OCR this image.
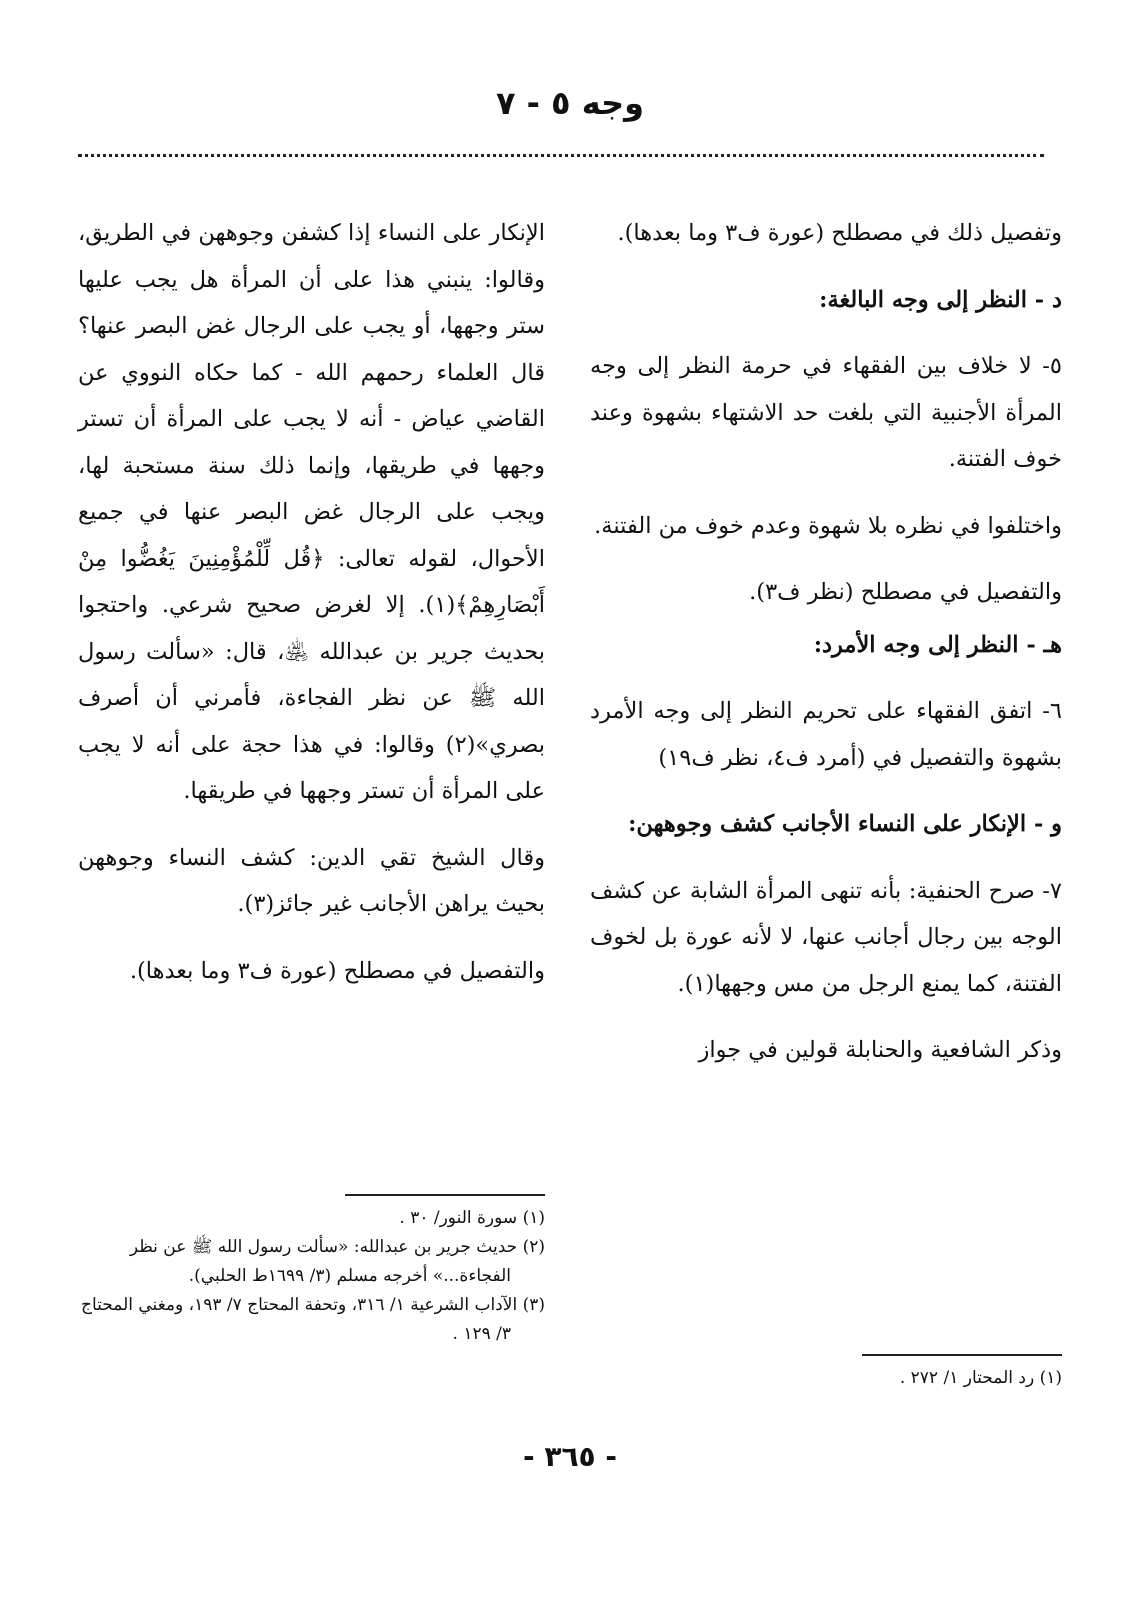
وجه ٥ - ٧

وتفصيل ذلك في مصطلح (عورة ف٣ وما بعدها).

د - النظر إلى وجه البالغة:

٥- لا خلاف بين الفقهاء في حرمة النظر إلى وجه المرأة الأجنبية التي بلغت حد الاشتهاء بشهوة وعند خوف الفتنة.

واختلفوا في نظره بلا شهوة وعدم خوف من الفتنة.

والتفصيل في مصطلح (نظر ف٣).

هـ - النظر إلى وجه الأمرد:

٦- اتفق الفقهاء على تحريم النظر إلى وجه الأمرد بشهوة والتفصيل في (أمرد ف٤، نظر ف١٩)

و - الإنكار على النساء الأجانب كشف وجوههن:

٧- صرح الحنفية: بأنه تنهى المرأة الشابة عن كشف الوجه بين رجال أجانب عنها، لا لأنه عورة بل لخوف الفتنة، كما يمنع الرجل من مس وجهها(١).

وذكر الشافعية والحنابلة قولين في جواز

الإنكار على النساء إذا كشفن وجوههن في الطريق، وقالوا: ينبني هذا على أن المرأة هل يجب عليها ستر وجهها، أو يجب على الرجال غض البصر عنها؟ قال العلماء رحمهم الله - كما حكاه النووي عن القاضي عياض - أنه لا يجب على المرأة أن تستر وجهها في طريقها، وإنما ذلك سنة مستحبة لها، ويجب على الرجال غض البصر عنها في جميع الأحوال، لقوله تعالى: ﴿قُل لِّلْمُؤْمِنِينَ يَغُضُّوا مِنْ أَبْصَارِهِمْ﴾(١). إلا لغرض صحيح شرعي. واحتجوا بحديث جرير بن عبدالله ﵁، قال: «سألت رسول الله ﷺ عن نظر الفجاءة، فأمرني أن أصرف بصري»(٢) وقالوا: في هذا حجة على أنه لا يجب على المرأة أن تستر وجهها في طريقها.

وقال الشيخ تقي الدين: كشف النساء وجوههن بحيث يراهن الأجانب غير جائز(٣).

والتفصيل في مصطلح (عورة ف٣ وما بعدها).

(١) سورة النور/ ٣٠ .

(٢) حديث جرير بن عبدالله: «سألت رسول الله ﷺ عن نظر الفجاءة...» أخرجه مسلم (٣/ ١٦٩٩ط الحلبي).

(٣) الآداب الشرعية ١/ ٣١٦، وتحفة المحتاج ٧/ ١٩٣، ومغني المحتاج ٣/ ١٢٩ .

(١) رد المحتار ١/ ٢٧٢ .

- ٣٦٥ -
